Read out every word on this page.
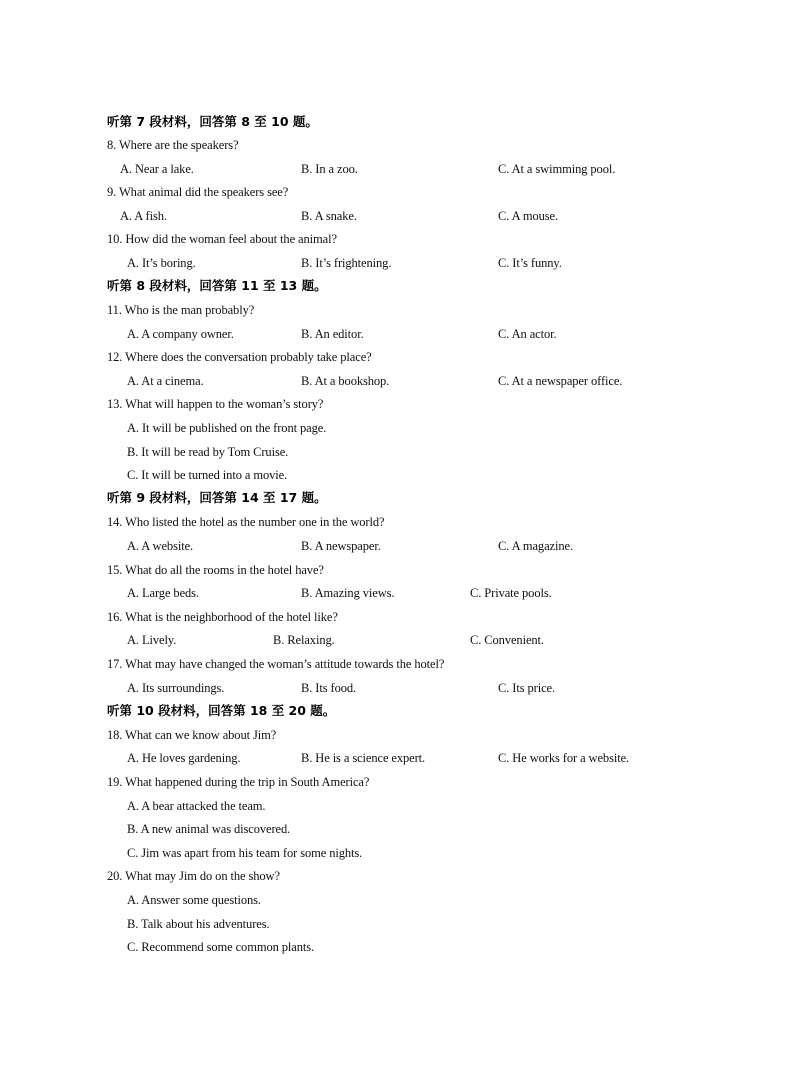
听第 7 段材料，回答第 8 至 10 题。
8. Where are the speakers?
A. Near a lake.	B. In a zoo.	C. At a swimming pool.
9. What animal did the speakers see?
A. A fish.	B. A snake.	C. A mouse.
10. How did the woman feel about the animal?
A. It’s boring.	B. It’s frightening.	C. It’s funny.
听第 8 段材料，回答第 11 至 13 题。
11. Who is the man probably?
A. A company owner.	B. An editor.	C. An actor.
12. Where does the conversation probably take place?
A. At a cinema.	B. At a bookshop.	C. At a newspaper office.
13. What will happen to the woman’s story?
A. It will be published on the front page.
B. It will be read by Tom Cruise.
C. It will be turned into a movie.
听第 9 段材料，回答第 14 至 17 题。
14. Who listed the hotel as the number one in the world?
A. A website.	B. A newspaper.	C. A magazine.
15. What do all the rooms in the hotel have?
A. Large beds.	B. Amazing views.	C. Private pools.
16. What is the neighborhood of the hotel like?
A. Lively.	B. Relaxing.	C. Convenient.
17. What may have changed the woman’s attitude towards the hotel?
A. Its surroundings.	B. Its food.	C. Its price.
听第 10 段材料，回答第 18 至 20 题。
18. What can we know about Jim?
A. He loves gardening.	B. He is a science expert.	C. He works for a website.
19. What happened during the trip in South America?
A. A bear attacked the team.
B. A new animal was discovered.
C. Jim was apart from his team for some nights.
20. What may Jim do on the show?
A. Answer some questions.
B. Talk about his adventures.
C. Recommend some common plants.
